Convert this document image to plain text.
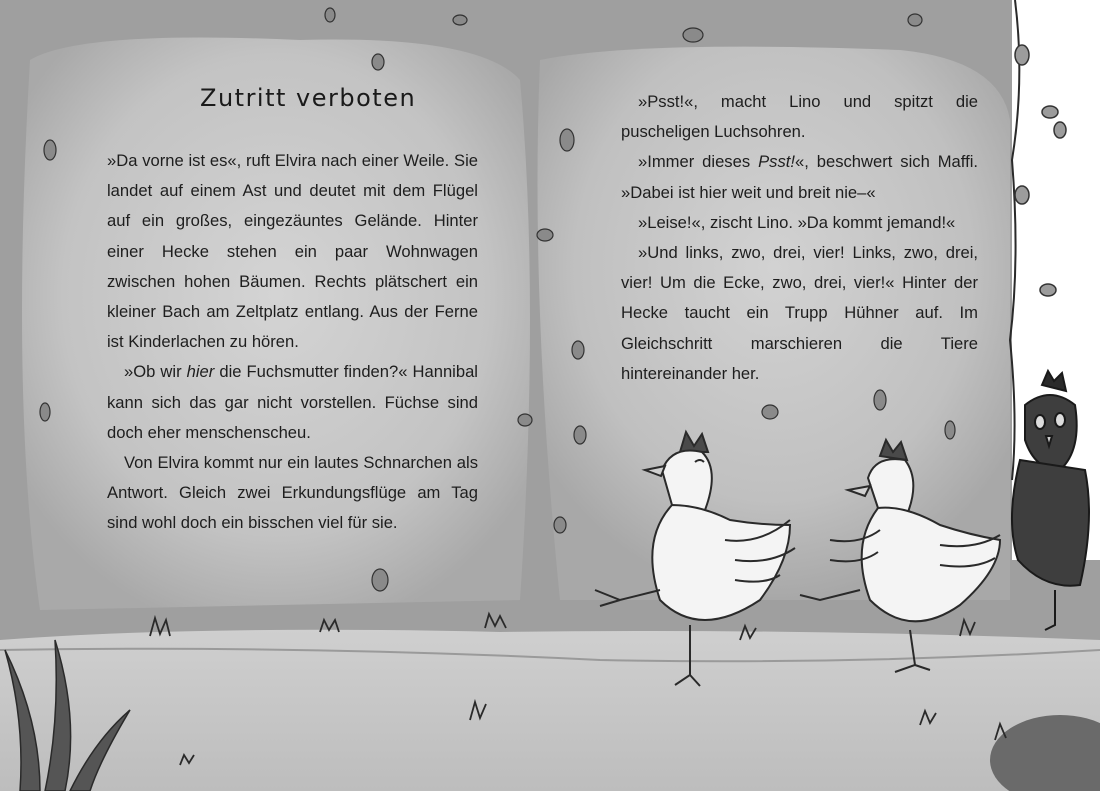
Zutritt verboten

»Da vorne ist es«, ruft Elvira nach einer Weile. Sie landet auf einem Ast und deutet mit dem Flügel auf ein großes, eingezäuntes Gelände. Hinter einer Hecke stehen ein paar Wohnwagen zwischen hohen Bäumen. Rechts plätschert ein kleiner Bach am Zeltplatz entlang. Aus der Ferne ist Kinderlachen zu hören.

»Ob wir hier die Fuchsmutter finden?« Hannibal kann sich das gar nicht vorstellen. Füchse sind doch eher menschenscheu.

Von Elvira kommt nur ein lautes Schnarchen als Antwort. Gleich zwei Erkundungsflüge am Tag sind wohl doch ein bisschen viel für sie.

»Psst!«, macht Lino und spitzt die puscheligen Luchsohren.

»Immer dieses Psst!«, beschwert sich Maffi. »Dabei ist hier weit und breit nie–«

»Leise!«, zischt Lino. »Da kommt jemand!«

»Und links, zwo, drei, vier! Links, zwo, drei, vier! Um die Ecke, zwo, drei, vier!« Hinter der Hecke taucht ein Trupp Hühner auf. Im Gleichschritt marschieren die Tiere hintereinander her.
